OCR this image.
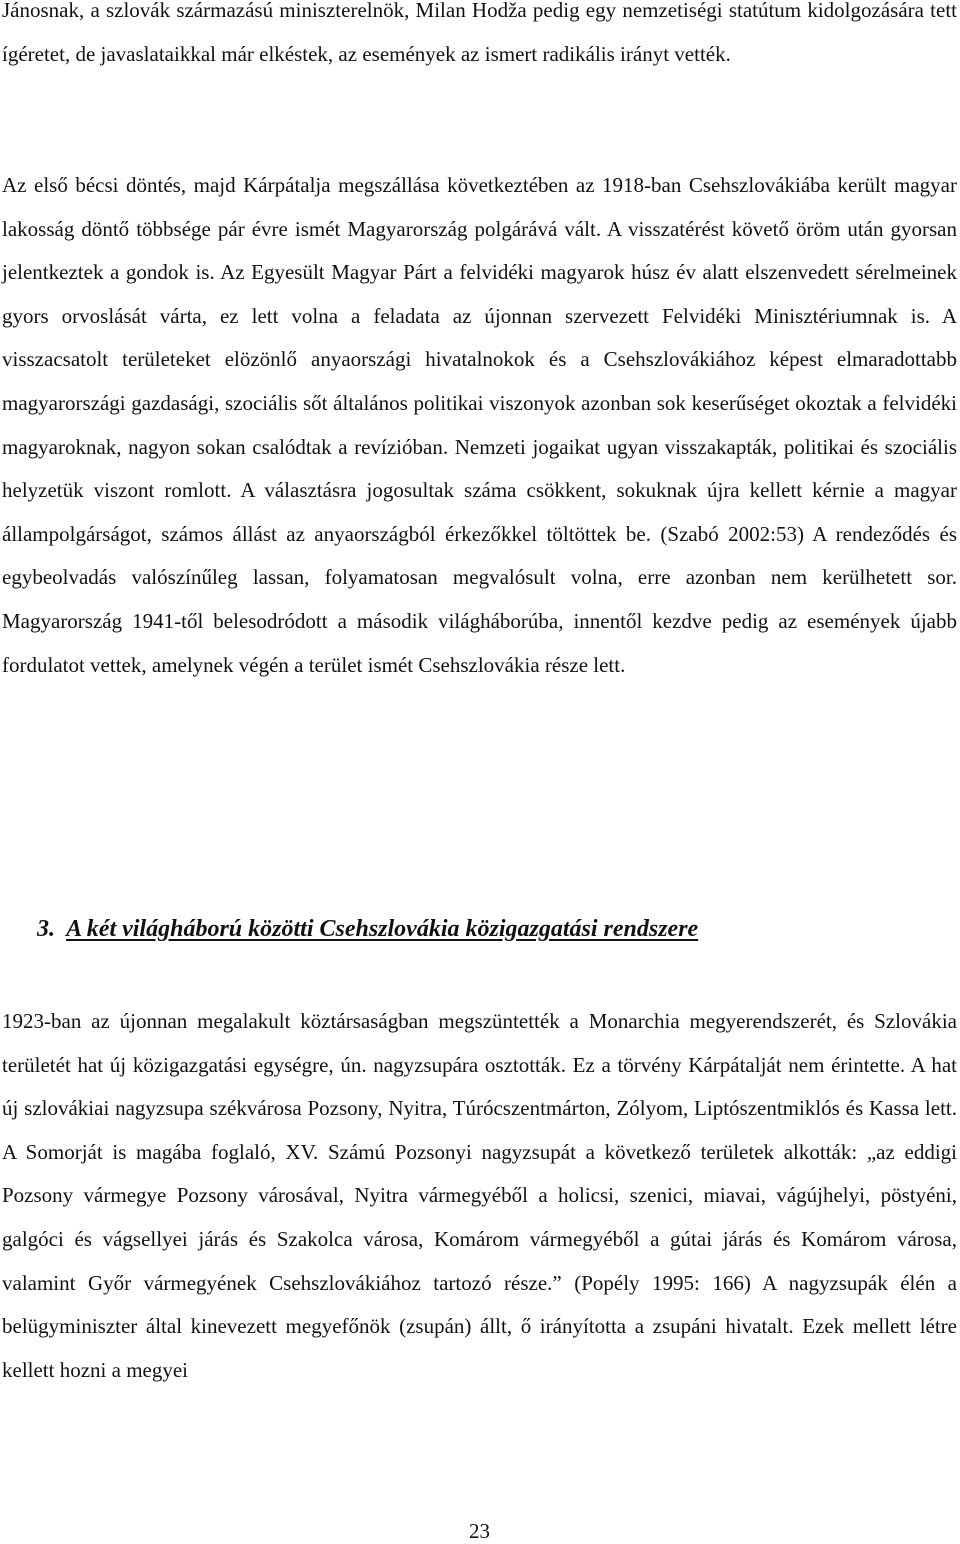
Jánosnak, a szlovák származású miniszterelnök, Milan Hodža pedig egy nemzetiségi statútum kidolgozására tett ígéretet, de javaslataikkal már elkéstek, az események az ismert radikális irányt vették.

Az első bécsi döntés, majd Kárpátalja megszállása következtében az 1918-ban Csehszlovákiába került magyar lakosság döntő többsége pár évre ismét Magyarország polgárává vált. A visszatérést követő öröm után gyorsan jelentkeztek a gondok is. Az Egyesült Magyar Párt a felvidéki magyarok húsz év alatt elszenvedett sérelmeinek gyors orvoslását várta, ez lett volna a feladata az újonnan szervezett Felvidéki Minisztériumnak is. A visszacsatolt területeket elözönlő anyaországi hivatalnokok és a Csehszlovákiához képest elmaradottabb magyarországi gazdasági, szociális sőt általános politikai viszonyok azonban sok keserűséget okoztak a felvidéki magyaroknak, nagyon sokan csalódtak a revízióban. Nemzeti jogaikat ugyan visszakapták, politikai és szociális helyzetük viszont romlott. A választásra jogosultak száma csökkent, sokuknak újra kellett kérnie a magyar állampolgárságot, számos állást az anyaországból érkezőkkel töltöttek be. (Szabó 2002:53) A rendeződés és egybeolvadás valószínűleg lassan, folyamatosan megvalósult volna, erre azonban nem kerülhetett sor. Magyarország 1941-től belesodródott a második világháborúba, innentől kezdve pedig az események újabb fordulatot vettek, amelynek végén a terület ismét Csehszlovákia része lett.

3. A két világháború közötti Csehszlovákia közigazgatási rendszere

1923-ban az újonnan megalakult köztársaságban megszüntették a Monarchia megyerendszerét, és Szlovákia területét hat új közigazgatási egységre, ún. nagyzsupára osztották. Ez a törvény Kárpátalját nem érintette. A hat új szlovákiai nagyzsupa székvárosa Pozsony, Nyitra, Túrócszentmárton, Zólyom, Liptószentmiklós és Kassa lett. A Somorját is magába foglaló, XV. Számú Pozsonyi nagyzsupát a következő területek alkották: „az eddigi Pozsony vármegye Pozsony városával, Nyitra vármegyéből a holicsi, szenici, miavai, vágújhelyi, pöstyéni, galgóci és vágsellyei járás és Szakolca városa, Komárom vármegyéből a gútai járás és Komárom városa, valamint Győr vármegyének Csehszlovákiához tartozó része.” (Popély 1995: 166) A nagyzsupák élén a belügyminiszter által kinevezett megyefőnök (zsupán) állt, ő irányította a zsupáni hivatalt. Ezek mellett létre kellett hozni a megyei

23
